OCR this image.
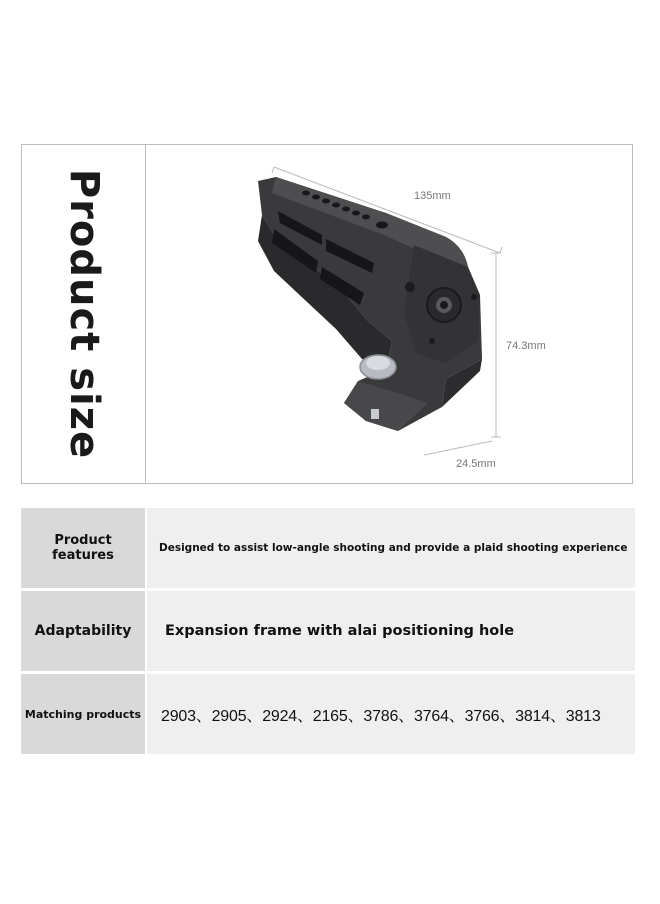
Product size	135mm
74.3mm
24.5mm
Product features	Designed to assist low-angle shooting and provide a plaid shooting experience
Adaptability	Expansion frame with alai positioning hole
Matching products	2903、2905、2924、2165、3786、3764、3766、3814、3813
